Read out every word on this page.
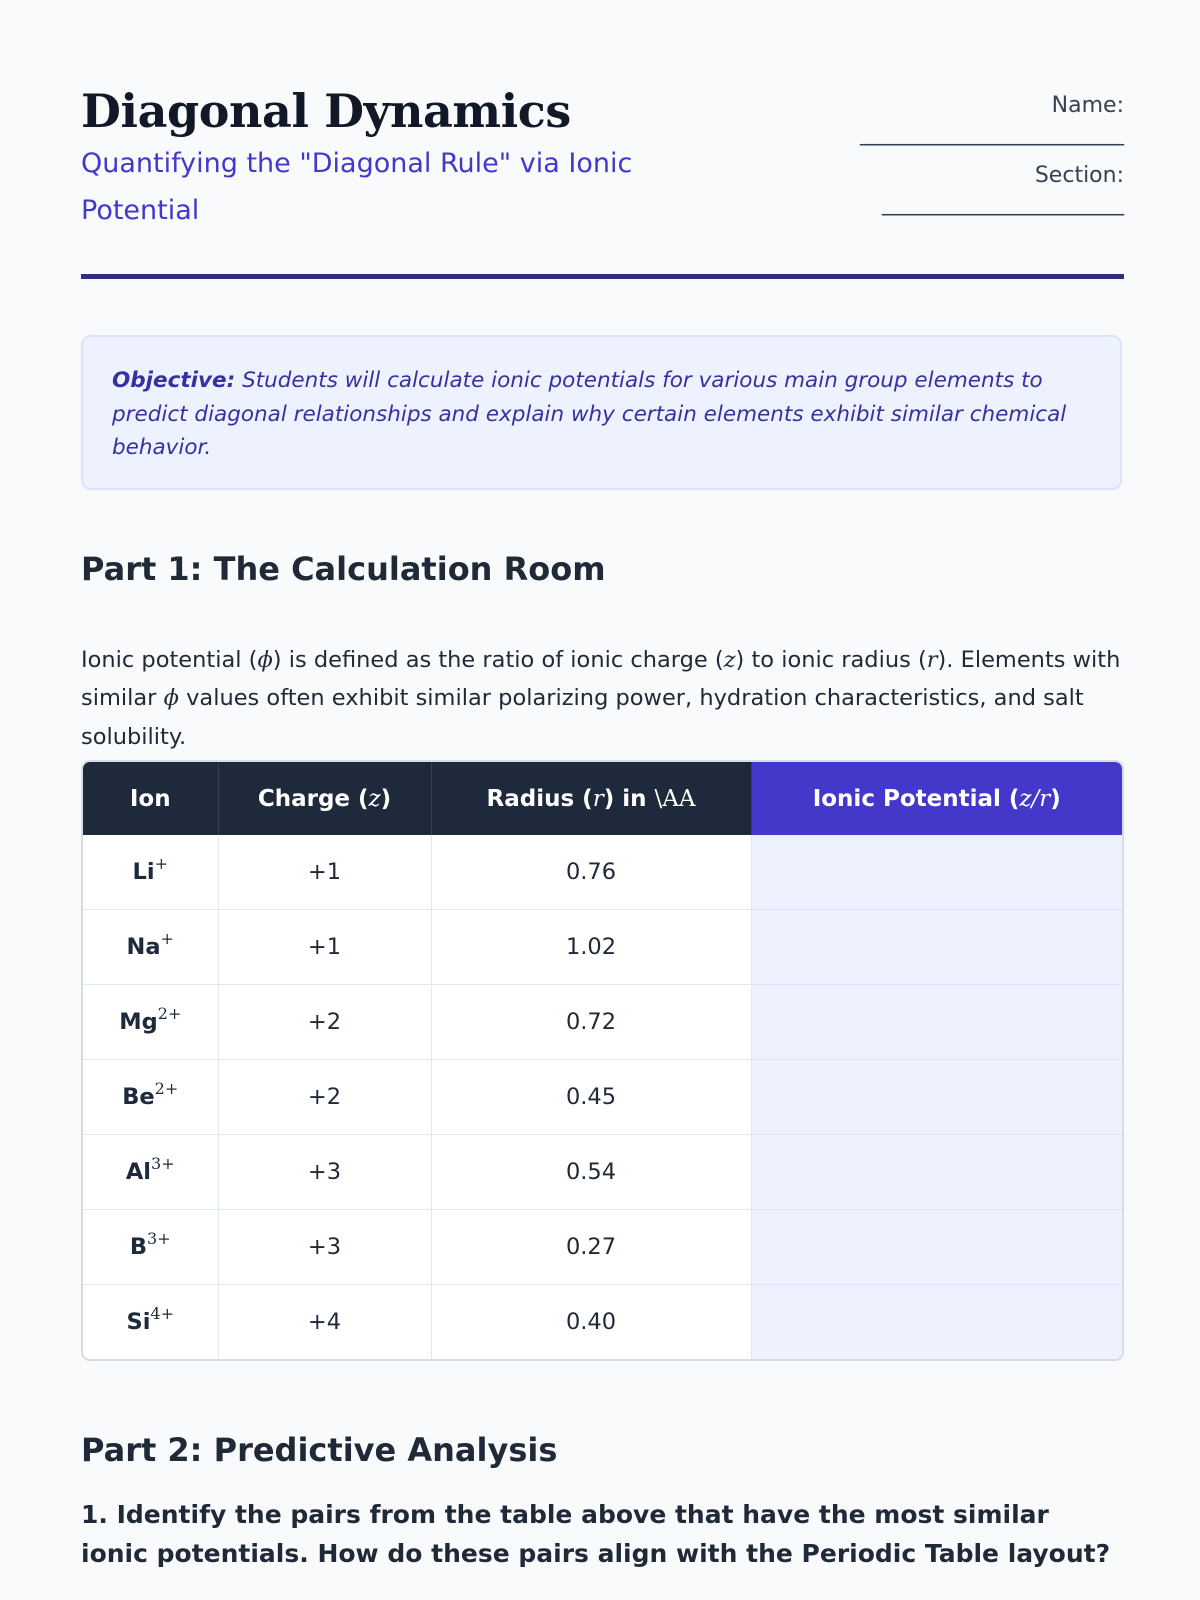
Diagonal Dynamics
Quantifying the "Diagonal Rule" via Ionic Potential
Name:
________________________
Section:
______________________
Objective: Students will calculate ionic potentials for various main group elements to predict diagonal relationships and explain why certain elements exhibit similar chemical behavior.
Part 1: The Calculation Room

Ionic potential (ϕ) is defined as the ratio of ionic charge (z) to ionic radius (r). Elements with similar ϕ values often exhibit similar polarizing power, hydration characteristics, and salt solubility.

Ion	Charge (z)	Radius (r) in \AA	Ionic Potential (z/r)
Li+	+1	0.76	
Na+	+1	1.02	
$Mg^{2+}$	+2	0.72	
$Be^{2+}$	+2	0.45	
$Al^{3+}$	+3	0.54	
$B^{3+}$	+3	0.27	
$Si^{4+}$	+4	0.40	
Part 2: Predictive Analysis

1. Identify the pairs from the table above that have the most similar ionic potentials. How do these pairs align with the Periodic Table layout?
